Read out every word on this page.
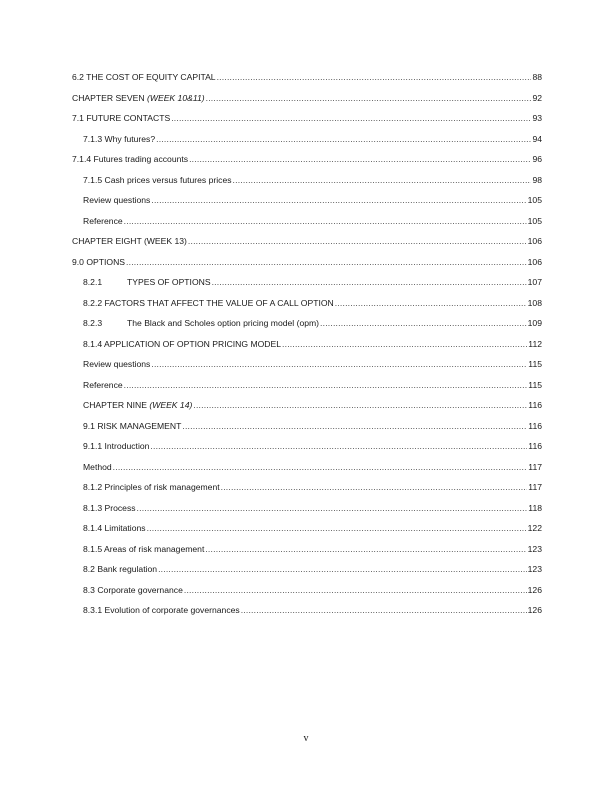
6.2 THE COST OF EQUITY CAPITAL .....	88
CHAPTER SEVEN (WEEK 10&11) .....	92
7.1 FUTURE CONTACTS .....	93
7.1.3 Why futures? .....	94
7.1.4 Futures trading accounts .....	96
7.1.5 Cash prices versus futures prices .....	98
Review questions .....	105
Reference .....	105
CHAPTER EIGHT (WEEK 13) .....	106
9.0 OPTIONS .....	106
8.2.1	TYPES OF OPTIONS .....	107
8.2.2 FACTORS THAT AFFECT THE VALUE OF A CALL OPTION .....	108
8.2.3	The Black and Scholes option pricing model (opm) .....	109
8.1.4 APPLICATION OF OPTION PRICING MODEL .....	112
Review questions .....	115
Reference .....	115
CHAPTER NINE (WEEK 14) .....	116
9.1 RISK MANAGEMENT .....	116
9.1.1 Introduction .....	116
Method .....	117
8.1.2 Principles of risk management .....	117
8.1.3 Process .....	118
8.1.4 Limitations .....	122
8.1.5 Areas of risk management .....	123
8.2 Bank regulation .....	123
8.3 Corporate governance .....	126
8.3.1 Evolution of corporate governances .....	126
v
